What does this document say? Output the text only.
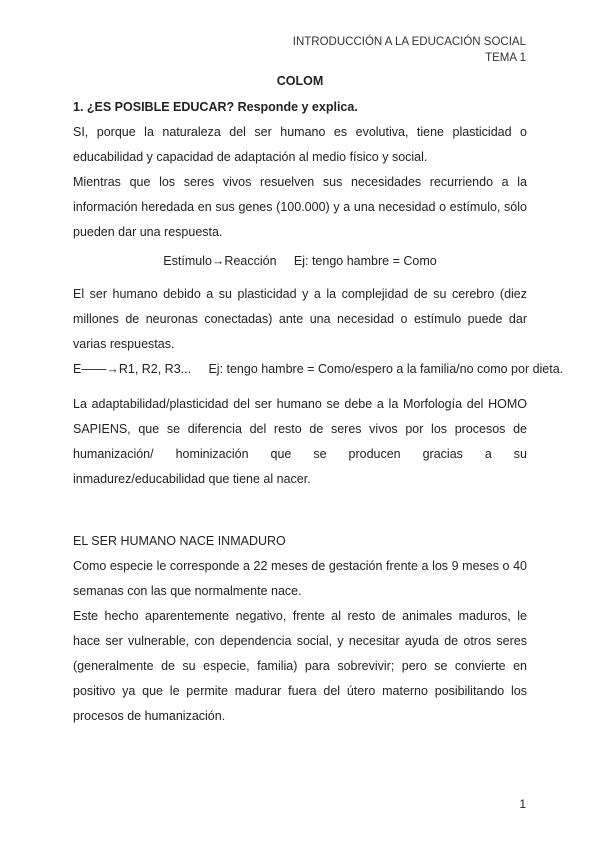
INTRODUCCIÓN A LA EDUCACIÓN SOCIAL
TEMA 1
COLOM

1. ¿ES POSIBLE EDUCAR? Responde y explica.

SI, porque la naturaleza del ser humano es evolutiva, tiene plasticidad o educabilidad y capacidad de adaptación al medio físico y social.

Mientras que los seres vivos resuelven sus necesidades recurriendo a la información heredada en sus genes (100.000) y a una necesidad o estímulo, sólo pueden dar una respuesta.

Estímulo→Reacción     Ej: tengo hambre = Como

El ser humano debido a su plasticidad y a la complejidad de su cerebro (diez millones de neuronas conectadas) ante una necesidad o estímulo puede dar varias respuestas.

E——→R1, R2, R3...     Ej: tengo hambre = Como/espero a la familia/no como por dieta.

La adaptabilidad/plasticidad del ser humano se debe a la Morfología del HOMO SAPIENS, que se diferencia del resto de seres vivos por los procesos de humanización/ hominización que se producen gracias a su inmadurez/educabilidad que tiene al nacer.

EL SER HUMANO NACE INMADURO

Como especie le corresponde a 22 meses de gestación frente a los 9 meses o 40 semanas con las que normalmente nace.

Este hecho aparentemente negativo, frente al resto de animales maduros, le hace ser vulnerable, con dependencia social, y necesitar ayuda de otros seres (generalmente de su especie, familia) para sobrevivir; pero se convierte en positivo ya que le permite madurar fuera del útero materno posibilitando los procesos de humanización.

1
